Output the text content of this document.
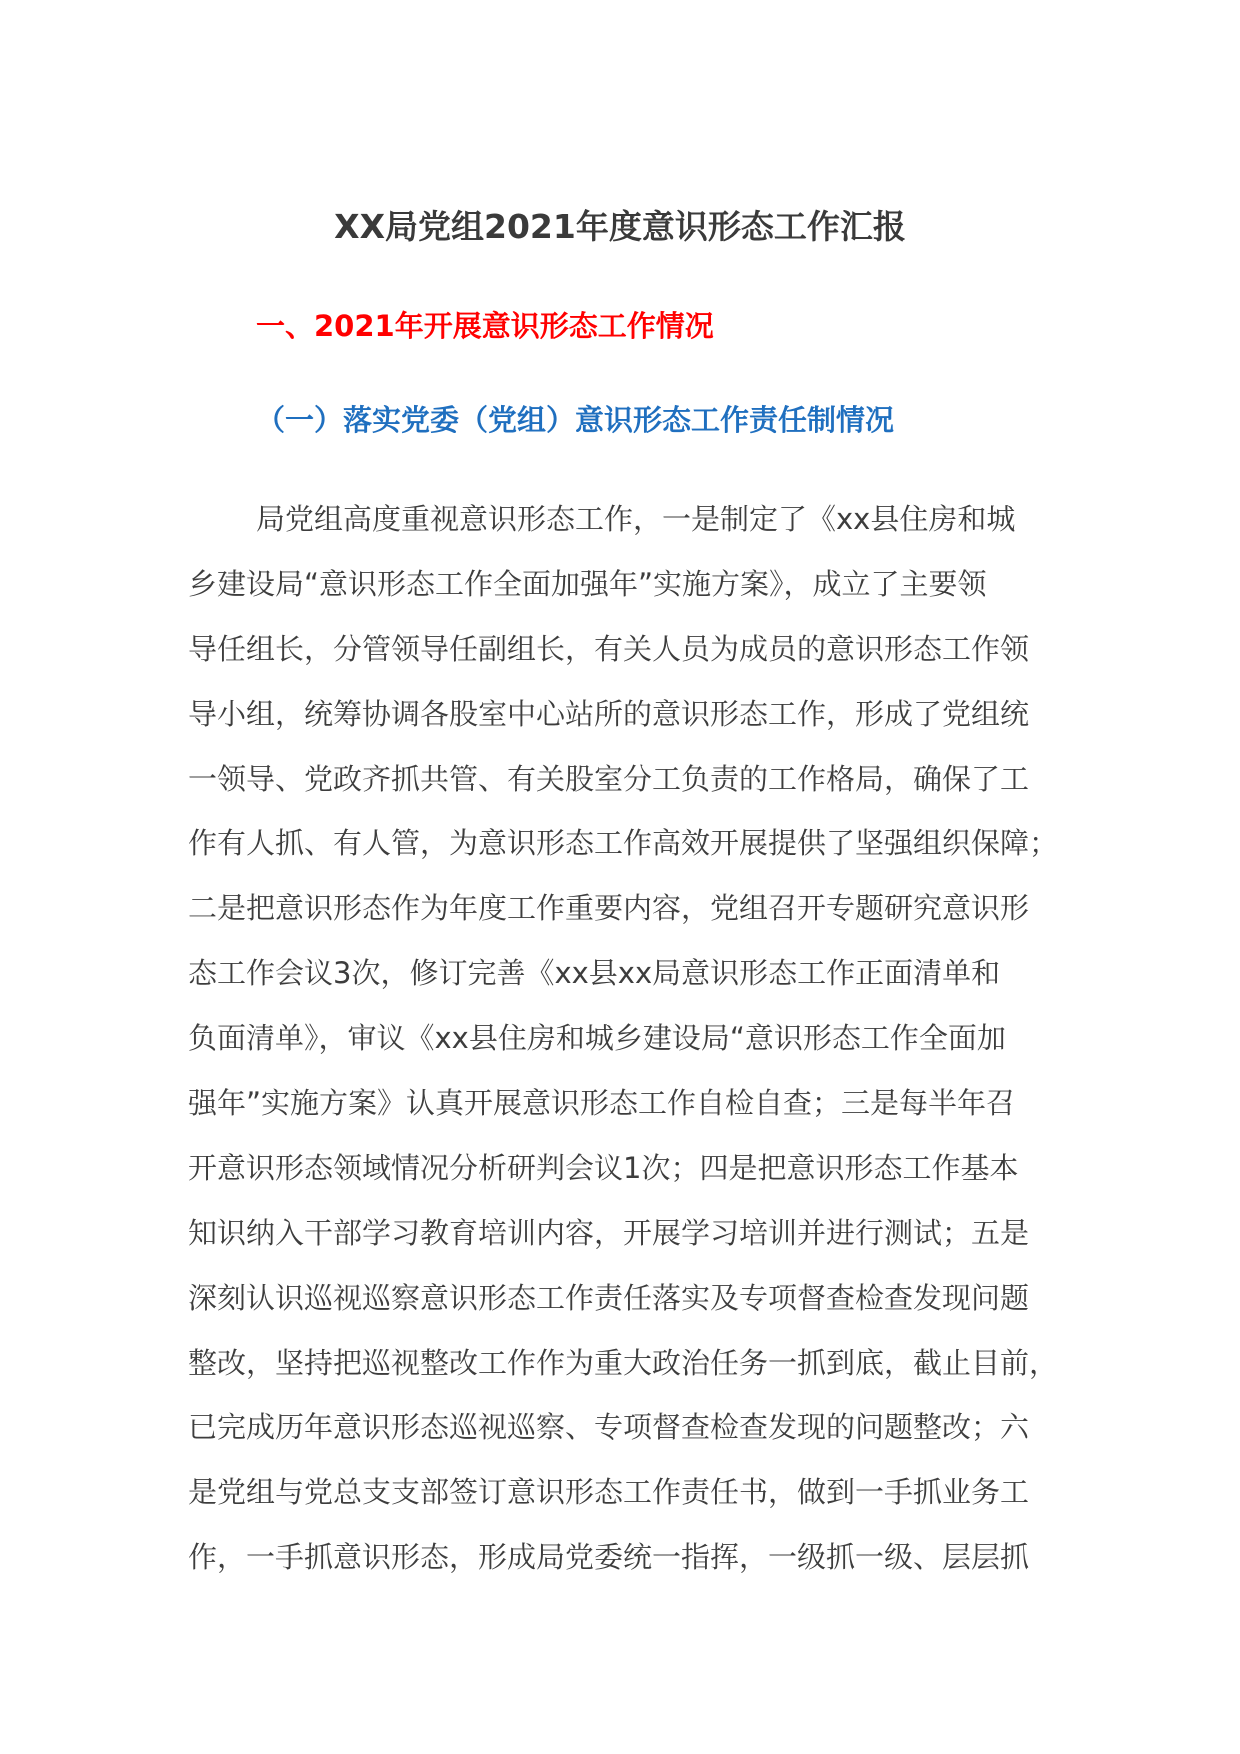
XX局党组2021年度意识形态工作汇报
一、2021年开展意识形态工作情况
（一）落实党委（党组）意识形态工作责任制情况
局党组高度重视意识形态工作，一是制定了《xx县住房和城
乡建设局“意识形态工作全面加强年”实施方案》，成立了主要领
导任组长，分管领导任副组长，有关人员为成员的意识形态工作领
导小组，统筹协调各股室中心站所的意识形态工作，形成了党组统
一领导、党政齐抓共管、有关股室分工负责的工作格局，确保了工
作有人抓、有人管，为意识形态工作高效开展提供了坚强组织保障；
二是把意识形态作为年度工作重要内容，党组召开专题研究意识形
态工作会议3次，修订完善《xx县xx局意识形态工作正面清单和
负面清单》，审议《xx县住房和城乡建设局“意识形态工作全面加
强年”实施方案》认真开展意识形态工作自检自查；三是每半年召
开意识形态领域情况分析研判会议1次；四是把意识形态工作基本
知识纳入干部学习教育培训内容，开展学习培训并进行测试；五是
深刻认识巡视巡察意识形态工作责任落实及专项督查检查发现问题
整改，坚持把巡视整改工作作为重大政治任务一抓到底，截止目前，
已完成历年意识形态巡视巡察、专项督查检查发现的问题整改；六
是党组与党总支支部签订意识形态工作责任书，做到一手抓业务工
作，一手抓意识形态，形成局党委统一指挥，一级抓一级、层层抓
